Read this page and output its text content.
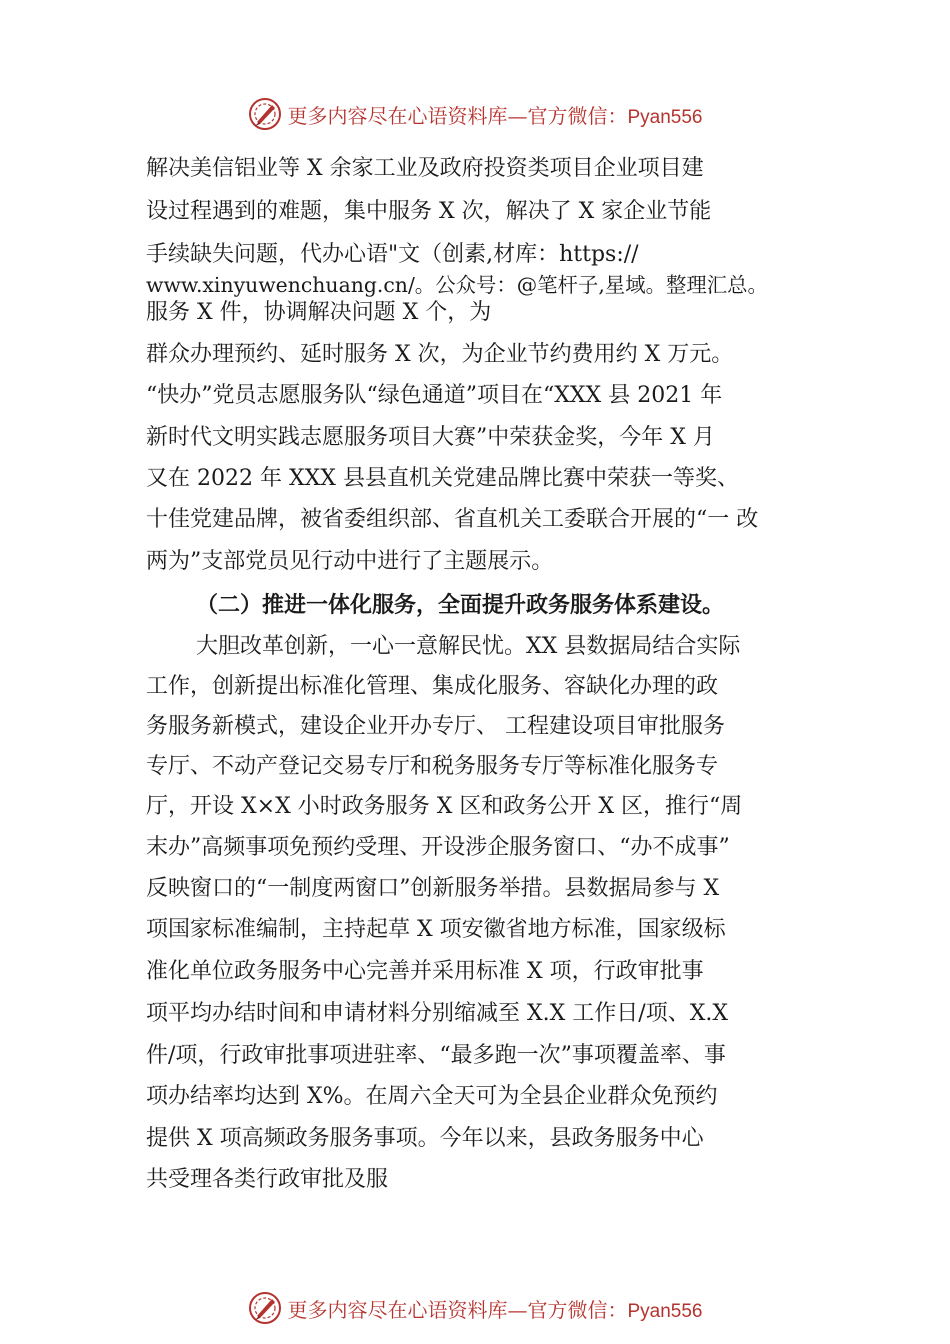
更多内容尽在心语资料库—官方微信：Pyan556
解决美信铝业等 X 余家工业及政府投资类项目企业项目建
设过程遇到的难题，集中服务 X 次，解决了 X 家企业节能
手续缺失问题，代办心语"文（创素,材库：https://
www.xinyuwenchuang.cn/。公众号：@笔杆子,星域。整理汇总。
服务 X 件，协调解决问题 X 个，为
群众办理预约、延时服务 X 次，为企业节约费用约 X 万元。
“快办”党员志愿服务队“绿色通道”项目在“XXX 县 2021 年
新时代文明实践志愿服务项目大赛”中荣获金奖，今年 X 月
又在 2022 年 XXX 县县直机关党建品牌比赛中荣获一等奖、
十佳党建品牌，被省委组织部、省直机关工委联合开展的“一 改
两为”支部党员见行动中进行了主题展示。
（二）推进一体化服务，全面提升政务服务体系建设。
大胆改革创新，一心一意解民忧。XX 县数据局结合实际
工作，创新提出标准化管理、集成化服务、容缺化办理的政
务服务新模式，建设企业开办专厅、 工程建设项目审批服务
专厅、不动产登记交易专厅和税务服务专厅等标准化服务专
厅，开设 X×X 小时政务服务 X 区和政务公开 X 区，推行“周
末办”高频事项免预约受理、开设涉企服务窗口、“办不成事”
反映窗口的“一制度两窗口”创新服务举措。县数据局参与 X
项国家标准编制，主持起草 X 项安徽省地方标准，国家级标
准化单位政务服务中心完善并采用标准 X 项，行政审批事
项平均办结时间和申请材料分别缩减至 X.X 工作日/项、X.X
件/项，行政审批事项进驻率、“最多跑一次”事项覆盖率、事
项办结率均达到 X%。在周六全天可为全县企业群众免预约
提供 X 项高频政务服务事项。今年以来，县政务服务中心
共受理各类行政审批及服
更多内容尽在心语资料库—官方微信：Pyan556
